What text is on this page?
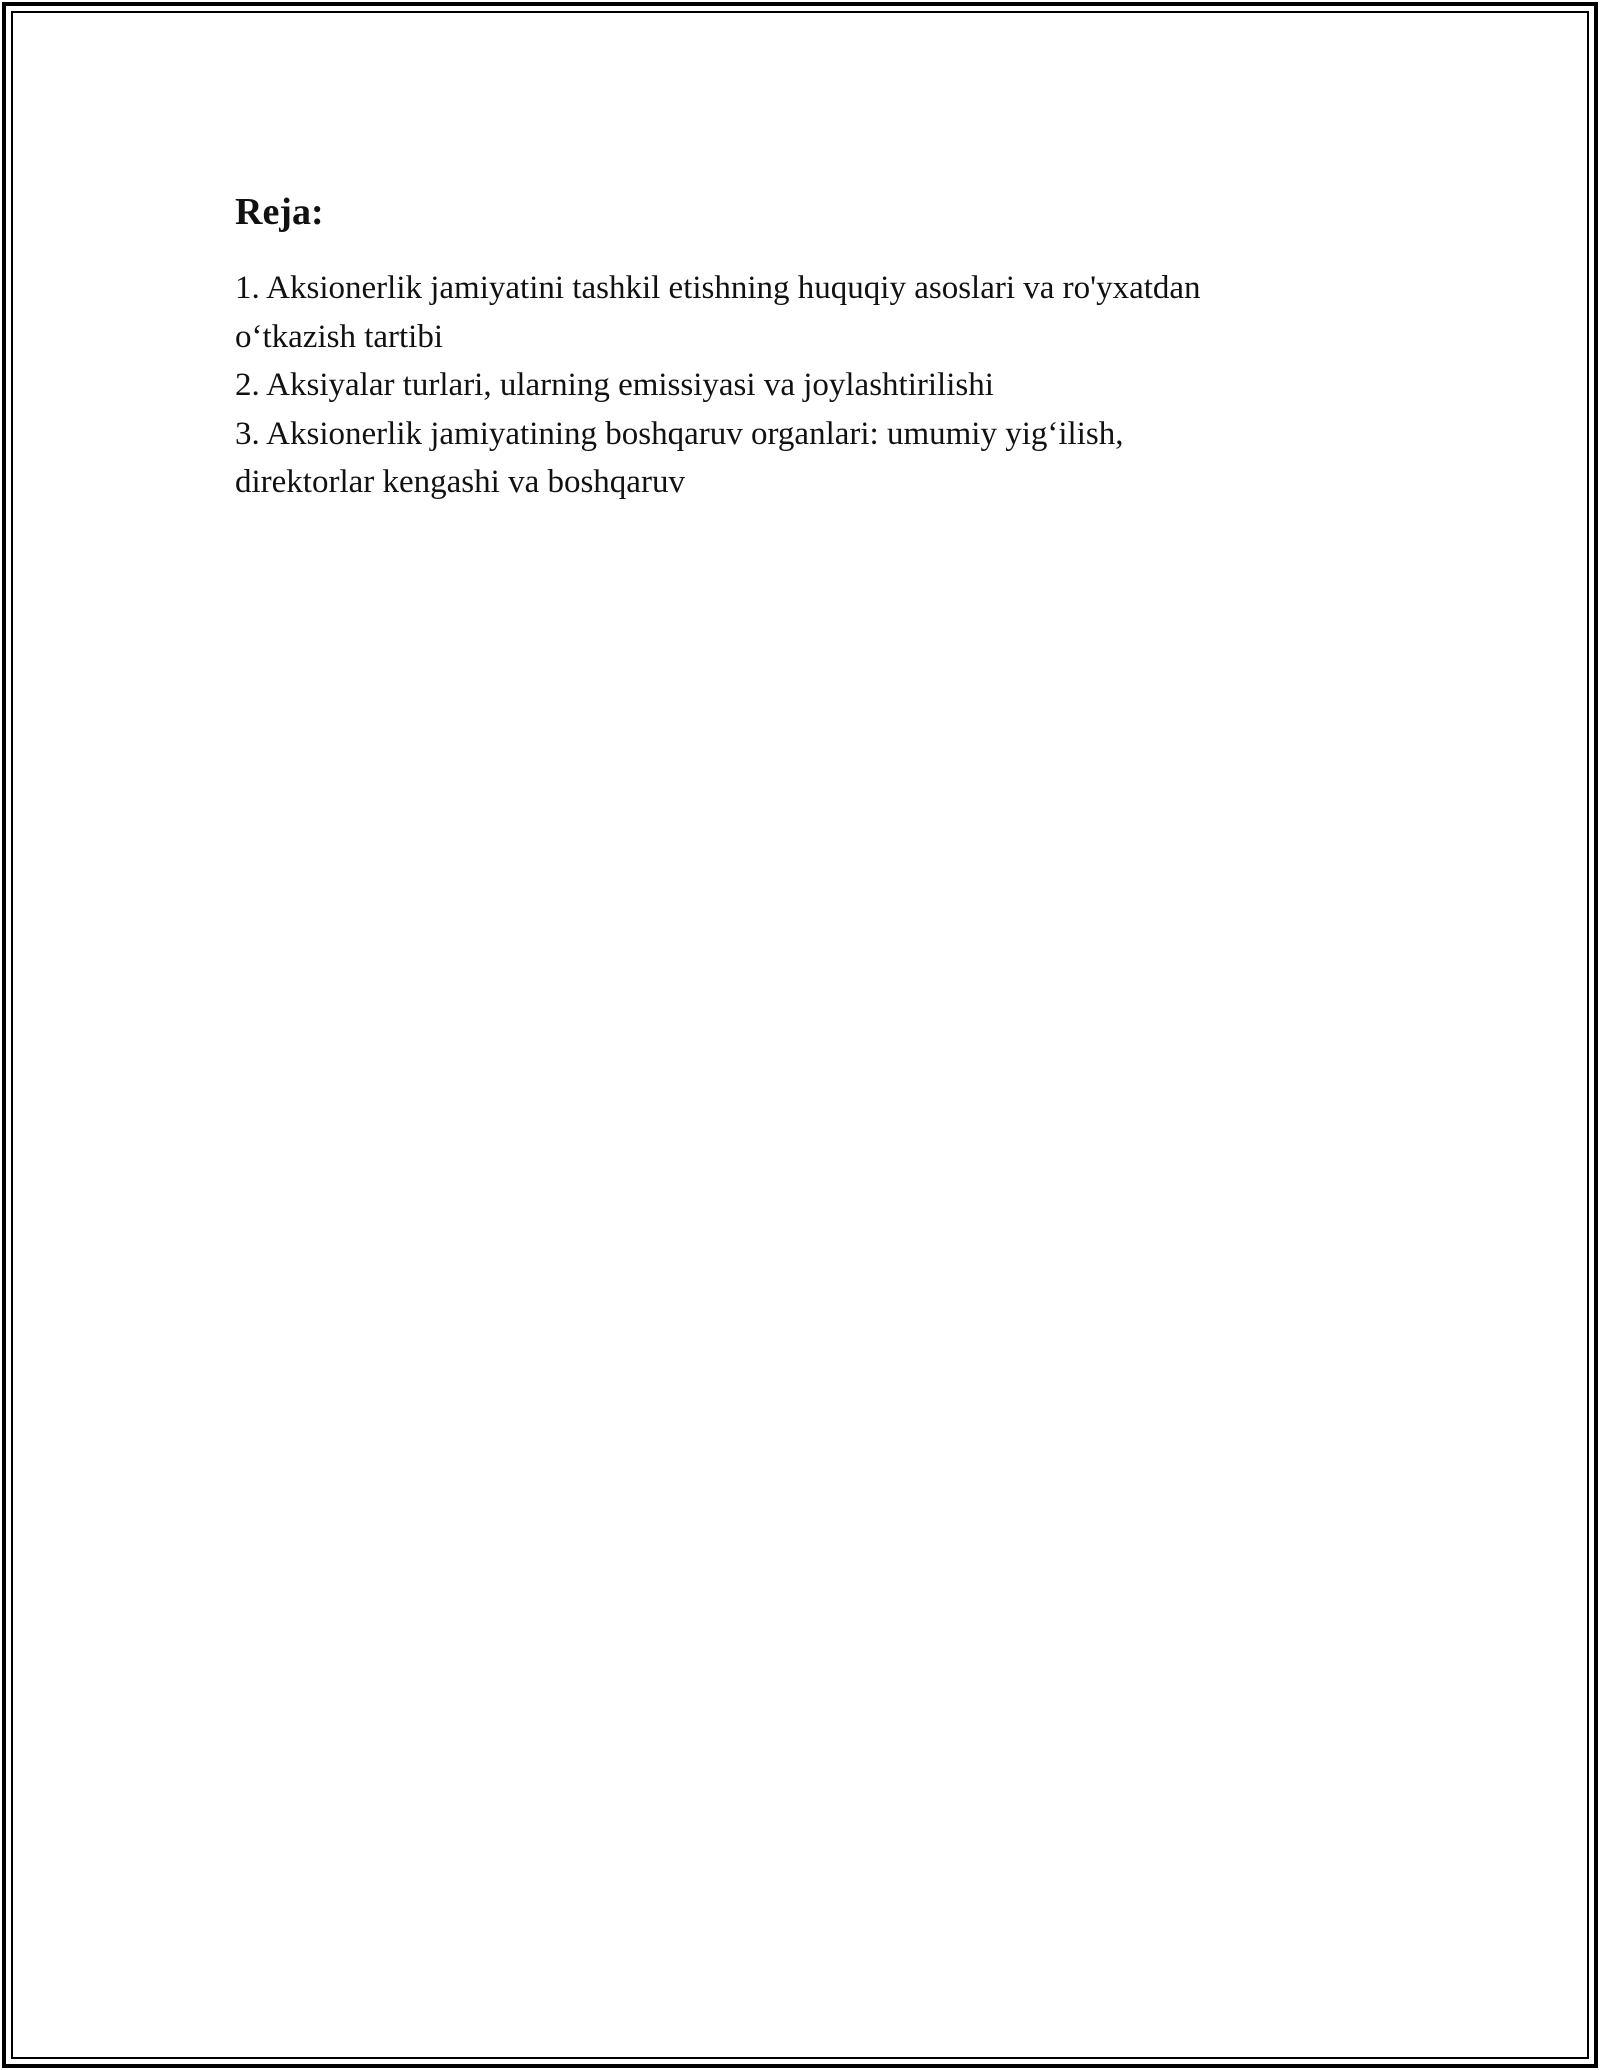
Reja:
1. Aksionerlik jamiyatini tashkil etishning huquqiy asoslari va ro'yxatdan
o‘tkazish tartibi
2. Aksiyalar turlari, ularning emissiyasi va joylashtirilishi
3. Aksionerlik jamiyatining boshqaruv organlari: umumiy yig‘ilish,
direktorlar kengashi va boshqaruv
